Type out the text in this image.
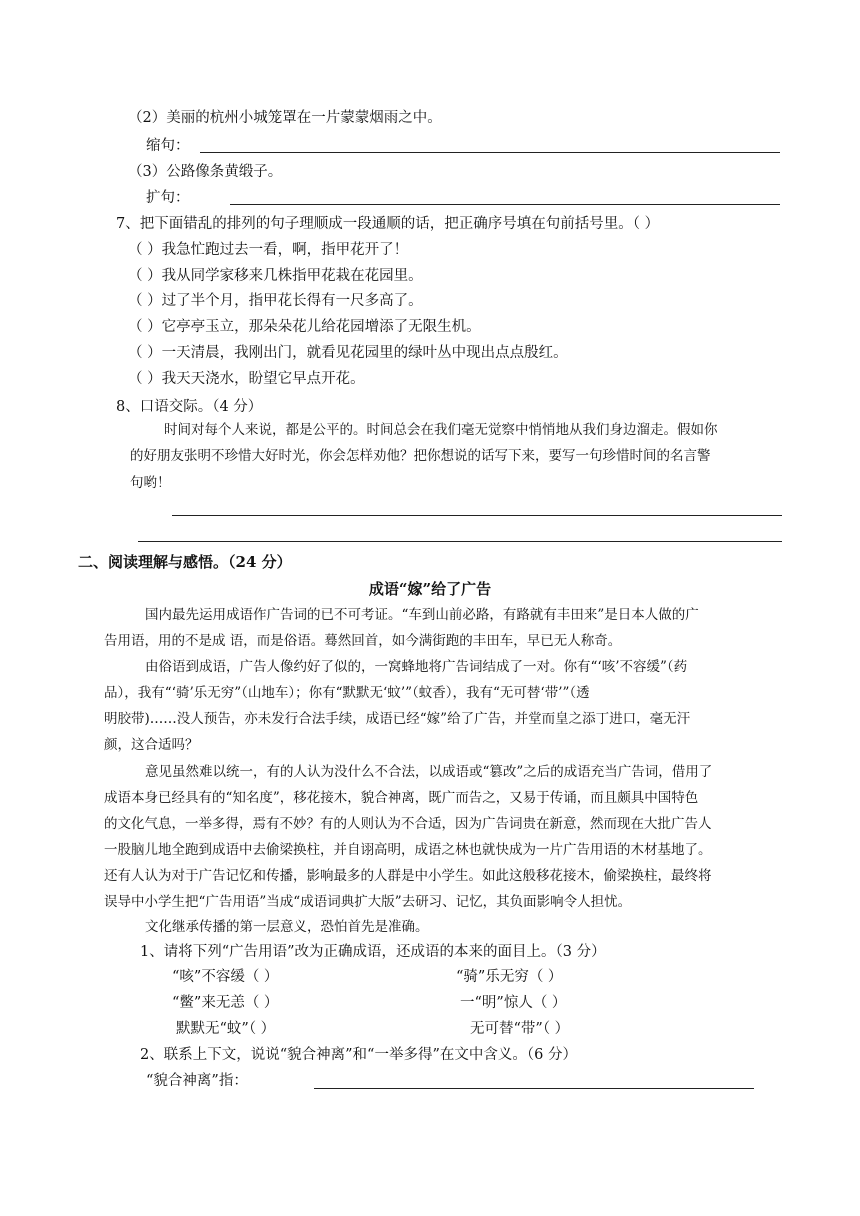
（2）美丽的杭州小城笼罩在一片蒙蒙烟雨之中。
缩句：
（3）公路像条黄缎子。
扩句：
7、把下面错乱的排列的句子理顺成一段通顺的话，把正确序号填在句前括号里。（ ）
（ ）我急忙跑过去一看，啊，指甲花开了！
（ ）我从同学家移来几株指甲花栽在花园里。
（ ）过了半个月，指甲花长得有一尺多高了。
（ ）它亭亭玉立，那朵朵花儿给花园增添了无限生机。
（ ）一天清晨，我刚出门，就看见花园里的绿叶丛中现出点点殷红。
（ ）我天天浇水，盼望它早点开花。
8、口语交际。（4 分）
时间对每个人来说，都是公平的。时间总会在我们毫无觉察中悄悄地从我们身边溜走。假如你
的好朋友张明不珍惜大好时光，你会怎样劝他？把你想说的话写下来，要写一句珍惜时间的名言警
句哟！
二、阅读理解与感悟。（24 分）
成语“嫁”给了广告
国内最先运用成语作广告词的已不可考证。“车到山前必路，有路就有丰田来”是日本人做的广
告用语，用的不是成 语，而是俗语。蓦然回首，如今满街跑的丰田车，早已无人称奇。
由俗语到成语，广告人像约好了似的，一窝蜂地将广告词结成了一对。你有“‘咳’不容缓”（药
品），我有“‘骑’乐无穷”（山地车）；你有“默默无‘蚊’”（蚊香），我有“无可替‘带’”（透
明胶带)……没人预告，亦未发行合法手续，成语已经“嫁”给了广告，并堂而皇之添丁进口，毫无汗
颜，这合适吗？
意见虽然难以统一，有的人认为没什么不合法，以成语或“篡改”之后的成语充当广告词，借用了
成语本身已经具有的“知名度”，移花接木，貌合神离，既广而告之，又易于传诵，而且颇具中国特色
的文化气息，一举多得，焉有不妙？有的人则认为不合适，因为广告词贵在新意，然而现在大批广告人
一股脑儿地全跑到成语中去偷梁换柱，并自诩高明，成语之林也就快成为一片广告用语的木材基地了。
还有人认为对于广告记忆和传播，影响最多的人群是中小学生。如此这般移花接木，偷梁换柱，最终将
误导中小学生把“广告用语”当成“成语词典扩大版”去研习、记忆，其负面影响令人担忧。
文化继承传播的第一层意义，恐怕首先是准确。
1、请将下列“广告用语”改为正确成语，还成语的本来的面目上。（3 分）
“咳”不容缓（ ）	“骑”乐无穷（ ）
“鳖”来无恙（ ）	一“明”惊人（ ）
默默无“蚊”（ ）	无可替“带”（ ）
2、联系上下文，说说“貌合神离”和“一举多得”在文中含义。（6 分）
“貌合神离”指：
